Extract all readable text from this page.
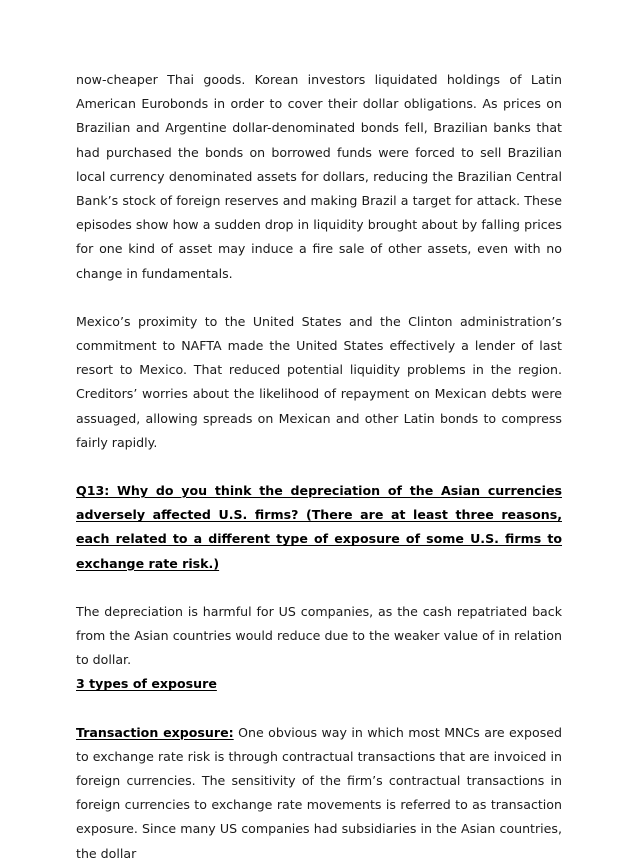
now-cheaper Thai goods. Korean investors liquidated holdings of Latin American Eurobonds in order to cover their dollar obligations. As prices on Brazilian and Argentine dollar-denominated bonds fell, Brazilian banks that had purchased the bonds on borrowed funds were forced to sell Brazilian local currency denominated assets for dollars, reducing the Brazilian Central Bank’s stock of foreign reserves and making Brazil a target for attack. These episodes show how a sudden drop in liquidity brought about by falling prices for one kind of asset may induce a fire sale of other assets, even with no change in fundamentals.

Mexico’s proximity to the United States and the Clinton administration’s commitment to NAFTA made the United States effectively a lender of last resort to Mexico. That reduced potential liquidity problems in the region. Creditors’ worries about the likelihood of repayment on Mexican debts were assuaged, allowing spreads on Mexican and other Latin bonds to compress fairly rapidly.

Q13: Why do you think the depreciation of the Asian currencies adversely affected U.S. firms? (There are at least three reasons, each related to a different type of exposure of some U.S. firms to exchange rate risk.)

The depreciation is harmful for US companies, as the cash repatriated back from the Asian countries would reduce due to the weaker value of in relation to dollar.

3 types of exposure

Transaction exposure: One obvious way in which most MNCs are exposed to exchange rate risk is through contractual transactions that are invoiced in foreign currencies. The sensitivity of the firm’s contractual transactions in foreign currencies to exchange rate movements is referred to as transaction exposure. Since many US companies had subsidiaries in the Asian countries, the dollar
